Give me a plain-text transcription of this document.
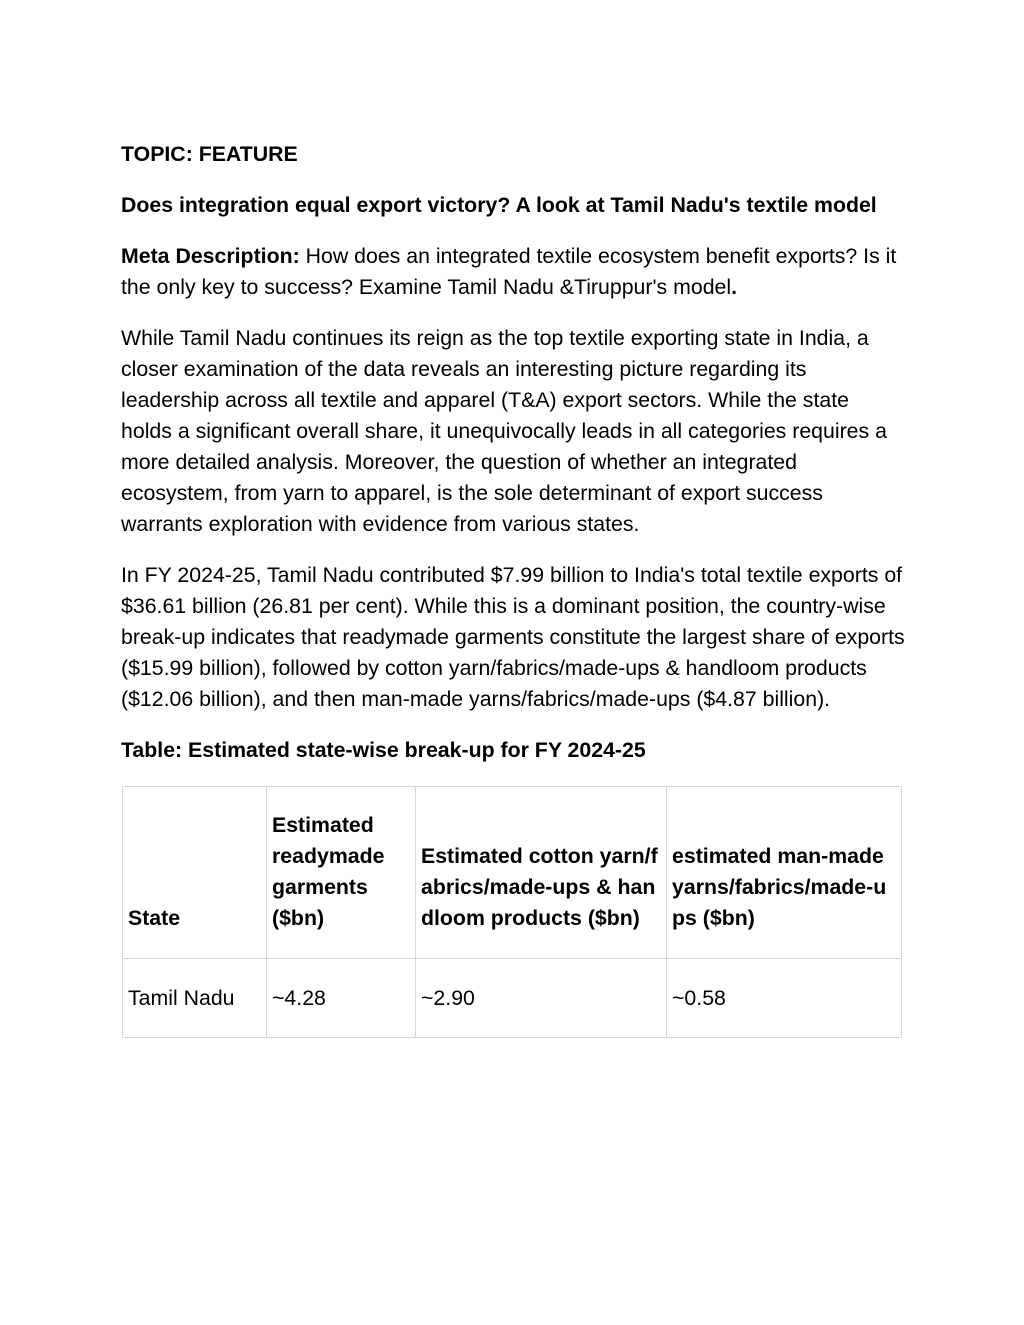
TOPIC: FEATURE

Does integration equal export victory? A look at Tamil Nadu's textile model

Meta Description: How does an integrated textile ecosystem benefit exports? Is it the only key to success? Examine Tamil Nadu &Tiruppur's model.

While Tamil Nadu continues its reign as the top textile exporting state in India, a closer examination of the data reveals an interesting picture regarding its leadership across all textile and apparel (T&A) export sectors. While the state holds a significant overall share, it unequivocally leads in all categories requires a more detailed analysis. Moreover, the question of whether an integrated ecosystem, from yarn to apparel, is the sole determinant of export success warrants exploration with evidence from various states.

In FY 2024-25, Tamil Nadu contributed $7.99 billion to India's total textile exports of $36.61 billion (26.81 per cent). While this is a dominant position, the country-wise break-up indicates that readymade garments constitute the largest share of exports ($15.99 billion), followed by cotton yarn/fabrics/made-ups & handloom products ($12.06 billion), and then man-made yarns/fabrics/made-ups ($4.87 billion).

Table: Estimated state-wise break-up for FY 2024-25

State	Estimated readymade garments ($bn)	Estimated cotton yarn/fabrics/made-ups & handloom products ($bn)	estimated man-made yarns/fabrics/made-ups ($bn)
Tamil Nadu	~4.28	~2.90	~0.58
